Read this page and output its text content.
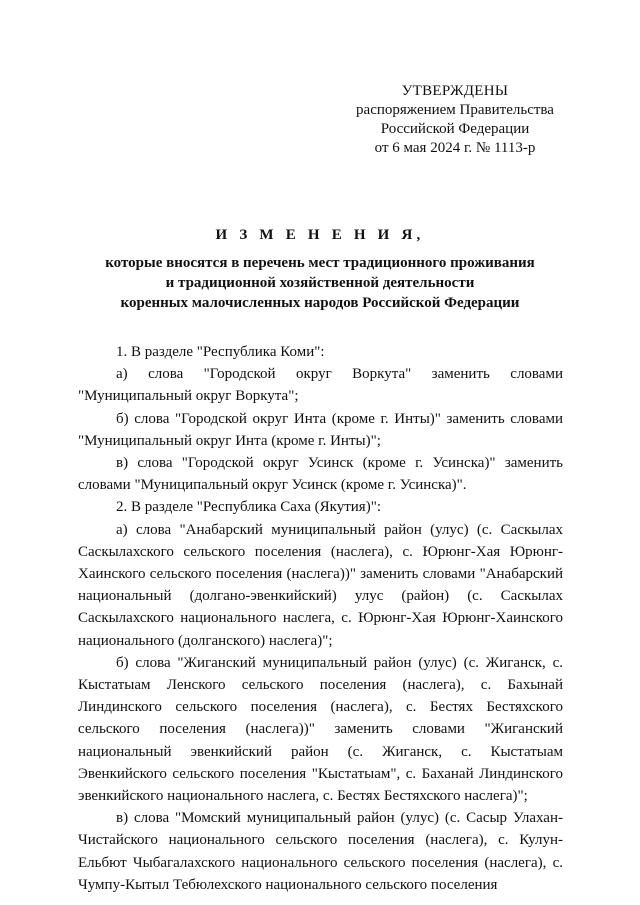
УТВЕРЖДЕНЫ
распоряжением Правительства
Российской Федерации
от 6 мая 2024 г. № 1113-р
И З М Е Н Е Н И Я,
которые вносятся в перечень мест традиционного проживания
и традиционной хозяйственной деятельности
коренных малочисленных народов Российской Федерации

1. В разделе "Республика Коми":

а) слова "Городской округ Воркута" заменить словами "Муниципальный округ Воркута";

б) слова "Городской округ Инта (кроме г. Инты)" заменить словами "Муниципальный округ Инта (кроме г. Инты)";

в) слова "Городской округ Усинск (кроме г. Усинска)" заменить словами "Муниципальный округ Усинск (кроме г. Усинска)".

2. В разделе "Республика Саха (Якутия)":

а) слова "Анабарский муниципальный район (улус) (с. Саскылах Саскылахского сельского поселения (наслега), с. Юрюнг-Хая Юрюнг-Хаинского сельского поселения (наслега))" заменить словами "Анабарский национальный (долгано-эвенкийский) улус (район) (с. Саскылах Саскылахского национального наслега, с. Юрюнг-Хая Юрюнг-Хаинского национального (долганского) наслега)";

б) слова "Жиганский муниципальный район (улус) (с. Жиганск, с. Кыстатыам Ленского сельского поселения (наслега), с. Бахынай Линдинского сельского поселения (наслега), с. Бестях Бестяхского сельского поселения (наслега))" заменить словами "Жиганский национальный эвенкийский район (с. Жиганск, с. Кыстатыам Эвенкийского сельского поселения "Кыстатыам", с. Баханай Линдинского эвенкийского национального наслега, с. Бестях Бестяхского наслега)";

в) слова "Момский муниципальный район (улус) (с. Сасыр Улахан-Чистайского национального сельского поселения (наслега), с. Кулун-Ельбют Чыбагалахского национального сельского поселения (наслега), с. Чумпу-Кытыл Тебюлехского национального сельского поселения
